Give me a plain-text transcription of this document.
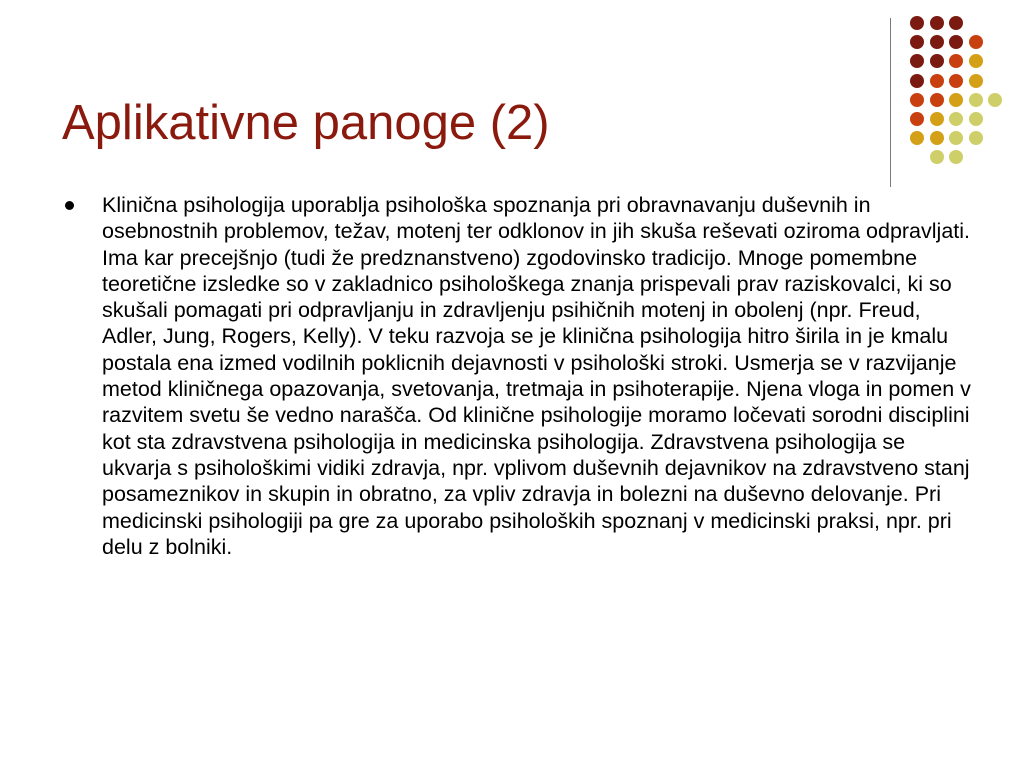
Aplikativne panoge (2)
Klinična psihologija uporablja psihološka spoznanja pri obravnavanju duševnih in osebnostnih problemov, težav, motenj ter odklonov in jih skuša reševati oziroma odpravljati. Ima kar precejšnjo (tudi že predznanstveno) zgodovinsko tradicijo. Mnoge pomembne teoretične izsledke so v zakladnico psihološkega znanja prispevali prav raziskovalci, ki so skušali pomagati pri odpravljanju in zdravljenju psihičnih motenj in obolenj (npr. Freud, Adler, Jung, Rogers, Kelly). V teku razvoja se je klinična psihologija hitro širila in je kmalu postala ena izmed vodilnih poklicnih dejavnosti v psihološki stroki. Usmerja se v razvijanje metod kliničnega opazovanja, svetovanja, tretmaja in psihoterapije. Njena vloga in pomen v razvitem svetu še vedno narašča. Od klinične psihologije moramo ločevati sorodni disciplini kot sta zdravstvena psihologija in medicinska psihologija. Zdravstvena psihologija se ukvarja s psihološkimi vidiki zdravja, npr. vplivom duševnih dejavnikov na zdravstveno stanj posameznikov in skupin in obratno, za vpliv zdravja in bolezni na duševno delovanje. Pri medicinski psihologiji pa gre za uporabo psiholoških spoznanj v medicinski praksi, npr. pri delu z bolniki.
